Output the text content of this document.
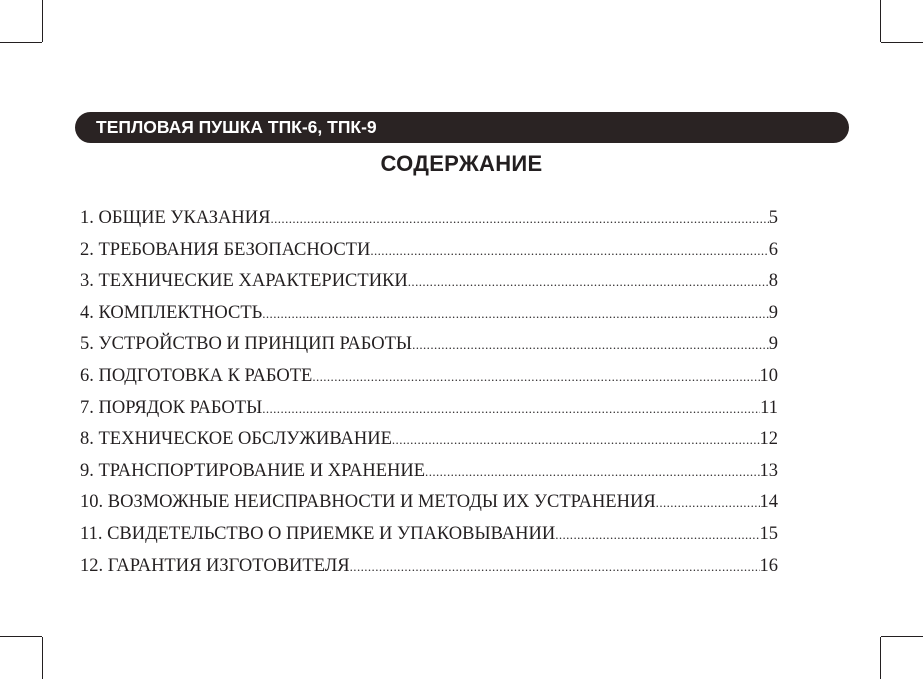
ТЕПЛОВАЯ ПУШКА ТПК-6, ТПК-9
СОДЕРЖАНИЕ
1. ОБЩИЕ УКАЗАНИЯ .....	5
2. ТРЕБОВАНИЯ БЕЗОПАСНОСТИ .....	6
3. ТЕХНИЧЕСКИЕ ХАРАКТЕРИСТИКИ .....	8
4. КОМПЛЕКТНОСТЬ .....	9
5. УСТРОЙСТВО И ПРИНЦИП РАБОТЫ .....	9
6. ПОДГОТОВКА К РАБОТЕ .....	10
7. ПОРЯДОК РАБОТЫ .....	11
8. ТЕХНИЧЕСКОЕ ОБСЛУЖИВАНИЕ .....	12
9. ТРАНСПОРТИРОВАНИЕ И ХРАНЕНИЕ .....	13
10. ВОЗМОЖНЫЕ НЕИСПРАВНОСТИ И МЕТОДЫ ИХ УСТРАНЕНИЯ .....	14
11. СВИДЕТЕЛЬСТВО О ПРИЕМКЕ И УПАКОВЫВАНИИ .....	15
12. ГАРАНТИЯ ИЗГОТОВИТЕЛЯ .....	16
